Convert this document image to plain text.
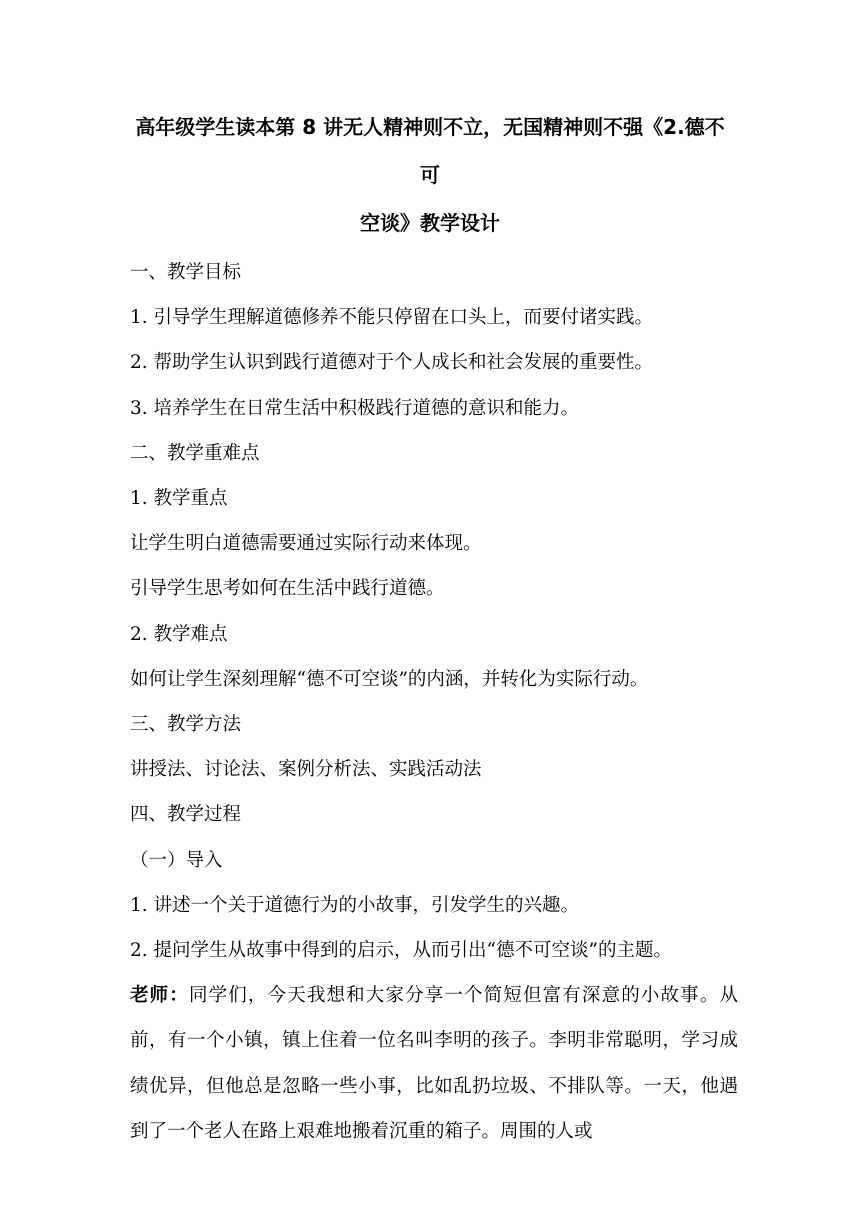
高年级学生读本第 8 讲无人精神则不立，无国精神则不强《2.德不可
空谈》教学设计

一、教学目标

1. 引导学生理解道德修养不能只停留在口头上，而要付诸实践。

2. 帮助学生认识到践行道德对于个人成长和社会发展的重要性。

3. 培养学生在日常生活中积极践行道德的意识和能力。

二、教学重难点

1. 教学重点

让学生明白道德需要通过实际行动来体现。

引导学生思考如何在生活中践行道德。

2. 教学难点

如何让学生深刻理解“德不可空谈”的内涵，并转化为实际行动。

三、教学方法

讲授法、讨论法、案例分析法、实践活动法

四、教学过程

（一）导入

1. 讲述一个关于道德行为的小故事，引发学生的兴趣。

2. 提问学生从故事中得到的启示，从而引出“德不可空谈”的主题。

老师：同学们，今天我想和大家分享一个简短但富有深意的小故事。从前，有一个小镇，镇上住着一位名叫李明的孩子。李明非常聪明，学习成绩优异，但他总是忽略一些小事，比如乱扔垃圾、不排队等。一天，他遇到了一个老人在路上艰难地搬着沉重的箱子。周围的人或
